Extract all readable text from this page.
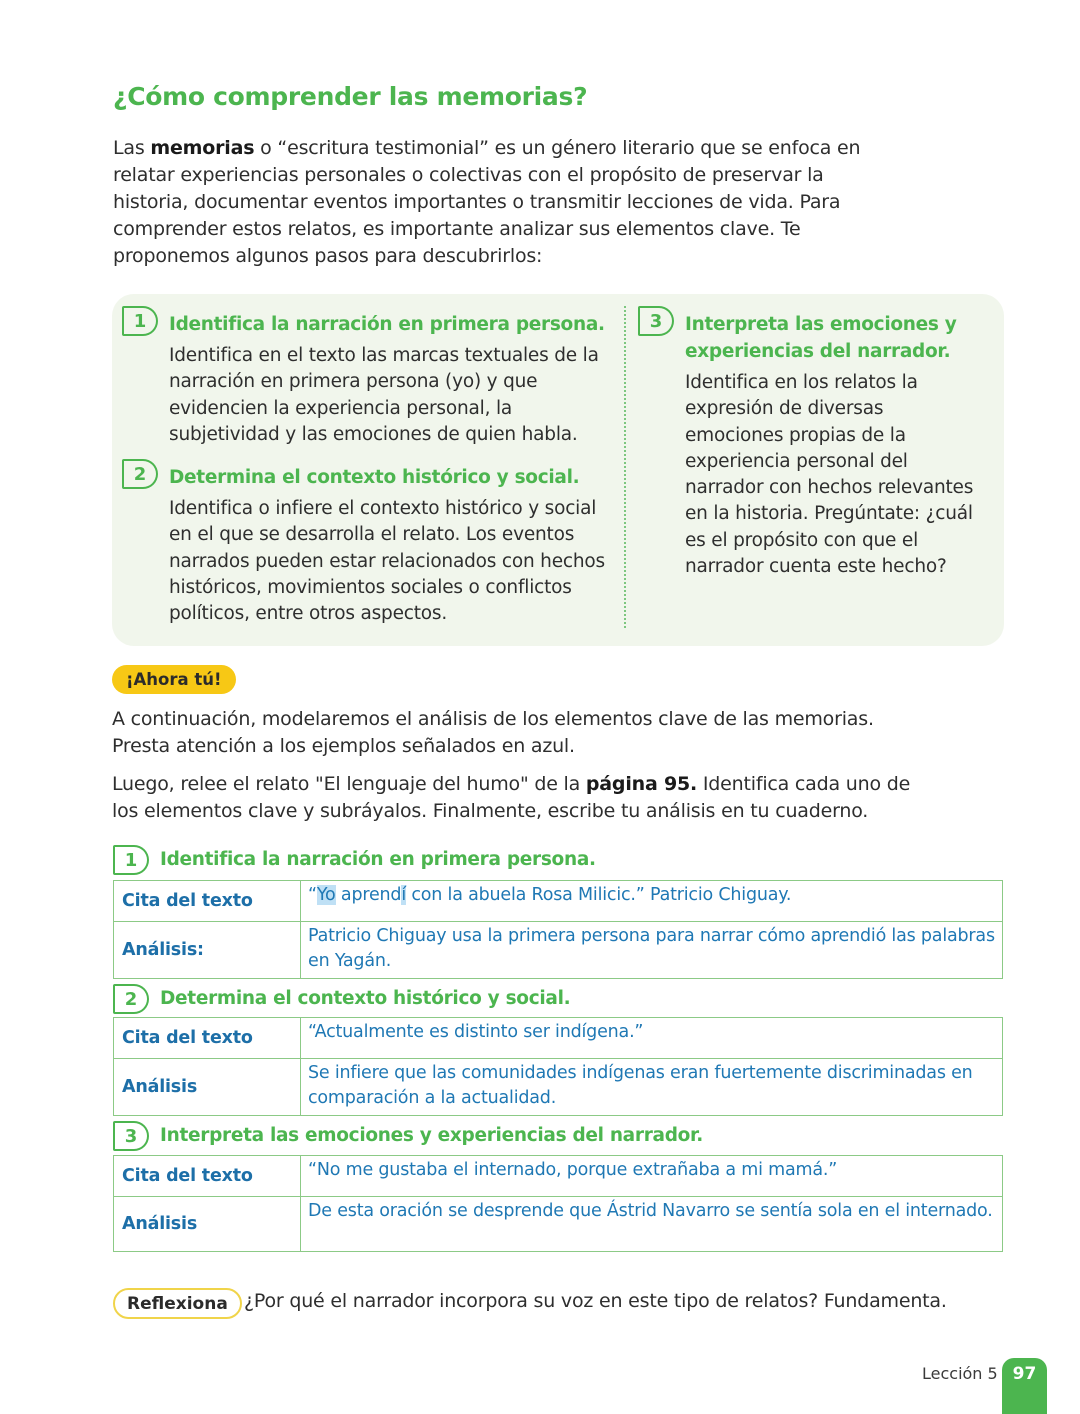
¿Cómo comprender las memorias?

Las memorias o “escritura testimonial” es un género literario que se enfoca en relatar experiencias personales o colectivas con el propósito de preservar la historia, documentar eventos importantes o transmitir lecciones de vida. Para comprender estos relatos, es importante analizar sus elementos clave. Te proponemos algunos pasos para descubrirlos:

1	Identifica la narración en primera persona.
Identifica en el texto las marcas textuales de la narración en primera persona (yo) y que evidencien la experiencia personal, la subjetividad y las emociones de quien habla.
2	Determina el contexto histórico y social.
Identifica o infiere el contexto histórico y social en el que se desarrolla el relato. Los eventos narrados pueden estar relacionados con hechos históricos, movimientos sociales o conflictos políticos, entre otros aspectos.
3	Interpreta las emociones y experiencias del narrador.
Identifica en los relatos la expresión de diversas emociones propias de la experiencia personal del narrador con hechos relevantes en la historia. Pregúntate: ¿cuál es el propósito con que el narrador cuenta este hecho?
¡Ahora tú!

A continuación, modelaremos el análisis de los elementos clave de las memorias. Presta atención a los ejemplos señalados en azul.

Luego, relee el relato "El lenguaje del humo" de la página 95. Identifica cada uno de los elementos clave y subráyalos. Finalmente, escribe tu análisis en tu cuaderno.

1	Identifica la narración en primera persona.
Cita del texto	“Yo aprendí con la abuela Rosa Milicic.” Patricio Chiguay.
Análisis:	Patricio Chiguay usa la primera persona para narrar cómo aprendió las palabras en Yagán.
2	Determina el contexto histórico y social.
Cita del texto	“Actualmente es distinto ser indígena.”
Análisis	Se infiere que las comunidades indígenas eran fuertemente discriminadas en comparación a la actualidad.
3	Interpreta las emociones y experiencias del narrador.
Cita del texto	“No me gustaba el internado, porque extrañaba a mi mamá.”
Análisis	De esta oración se desprende que Ástrid Navarro se sentía sola en el internado.
Reflexiona ¿Por qué el narrador incorpora su voz en este tipo de relatos? Fundamenta.
Lección 5 97
